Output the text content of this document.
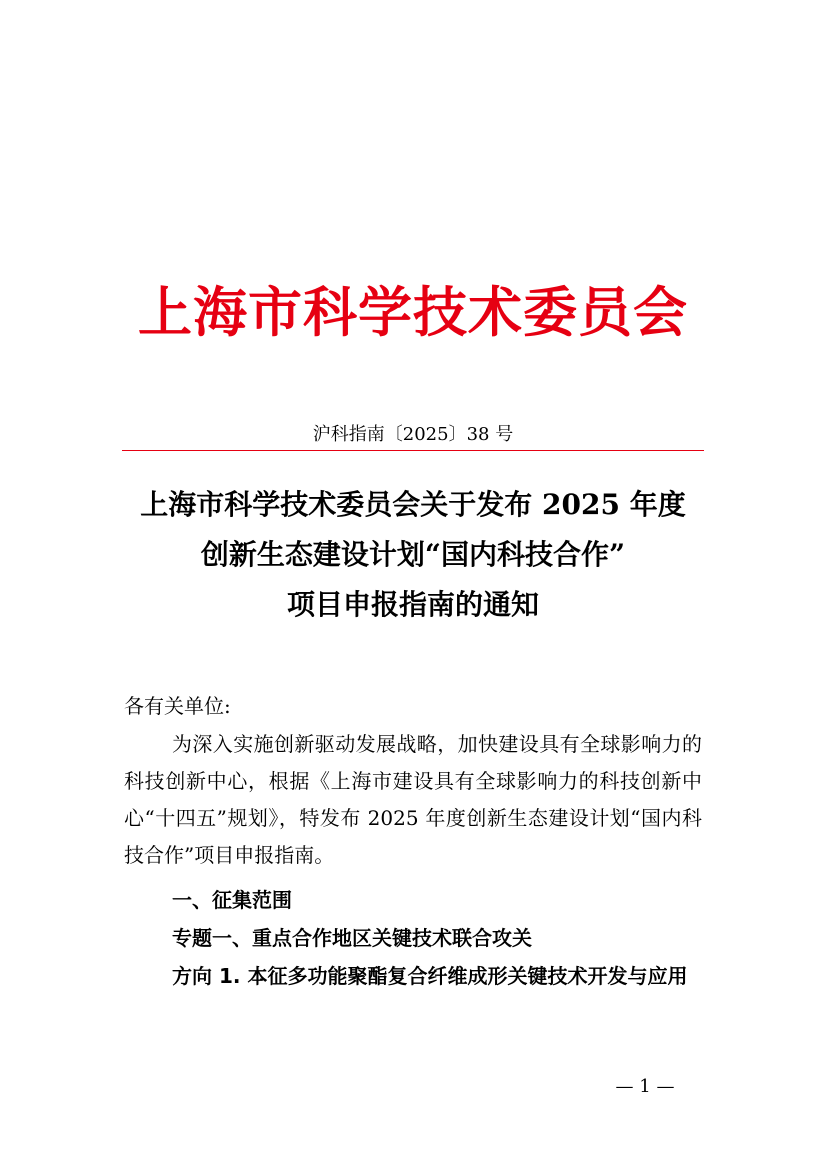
上海市科学技术委员会
沪科指南〔2025〕38 号
上海市科学技术委员会关于发布 2025 年度
创新生态建设计划“国内科技合作”
项目申报指南的通知
各有关单位:
为深入实施创新驱动发展战略，加快建设具有全球影响力的科技创新中心，根据《上海市建设具有全球影响力的科技创新中心“十四五”规划》，特发布 2025 年度创新生态建设计划“国内科技合作”项目申报指南。
一、征集范围
专题一、重点合作地区关键技术联合攻关
方向 1. 本征多功能聚酯复合纤维成形关键技术开发与应用
— 1 —
